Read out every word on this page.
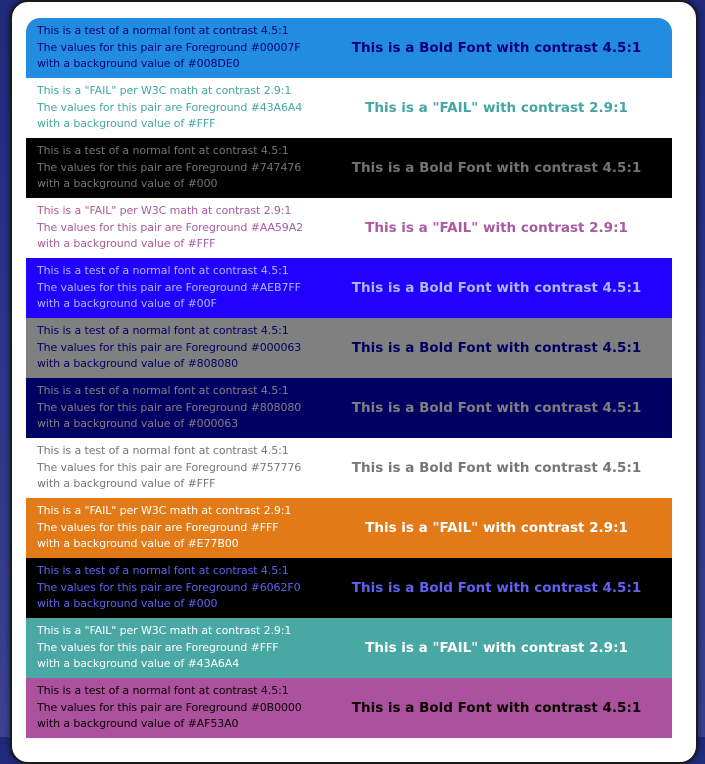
This is a test of a normal font at contrast 4.5:1
The values for this pair are Foreground #00007F
with a background value of #008DE0
This is a Bold Font with contrast 4.5:1
This is a "FAIL" per W3C math at contrast 2.9:1
The values for this pair are Foreground #43A6A4
with a background value of #FFF
This is a "FAIL" with contrast 2.9:1
This is a test of a normal font at contrast 4.5:1
The values for this pair are Foreground #747476
with a background value of #000
This is a Bold Font with contrast 4.5:1
This is a "FAIL" per W3C math at contrast 2.9:1
The values for this pair are Foreground #AA59A2
with a background value of #FFF
This is a "FAIL" with contrast 2.9:1
This is a test of a normal font at contrast 4.5:1
The values for this pair are Foreground #AEB7FF
with a background value of #00F
This is a Bold Font with contrast 4.5:1
This is a test of a normal font at contrast 4.5:1
The values for this pair are Foreground #000063
with a background value of #808080
This is a Bold Font with contrast 4.5:1
This is a test of a normal font at contrast 4.5:1
The values for this pair are Foreground #808080
with a background value of #000063
This is a Bold Font with contrast 4.5:1
This is a test of a normal font at contrast 4.5:1
The values for this pair are Foreground #757776
with a background value of #FFF
This is a Bold Font with contrast 4.5:1
This is a "FAIL" per W3C math at contrast 2.9:1
The values for this pair are Foreground #FFF
with a background value of #E77B00
This is a "FAIL" with contrast 2.9:1
This is a test of a normal font at contrast 4.5:1
The values for this pair are Foreground #6062F0
with a background value of #000
This is a Bold Font with contrast 4.5:1
This is a "FAIL" per W3C math at contrast 2.9:1
The values for this pair are Foreground #FFF
with a background value of #43A6A4
This is a "FAIL" with contrast 2.9:1
This is a test of a normal font at contrast 4.5:1
The values for this pair are Foreground #0B0000
with a background value of #AF53A0
This is a Bold Font with contrast 4.5:1
